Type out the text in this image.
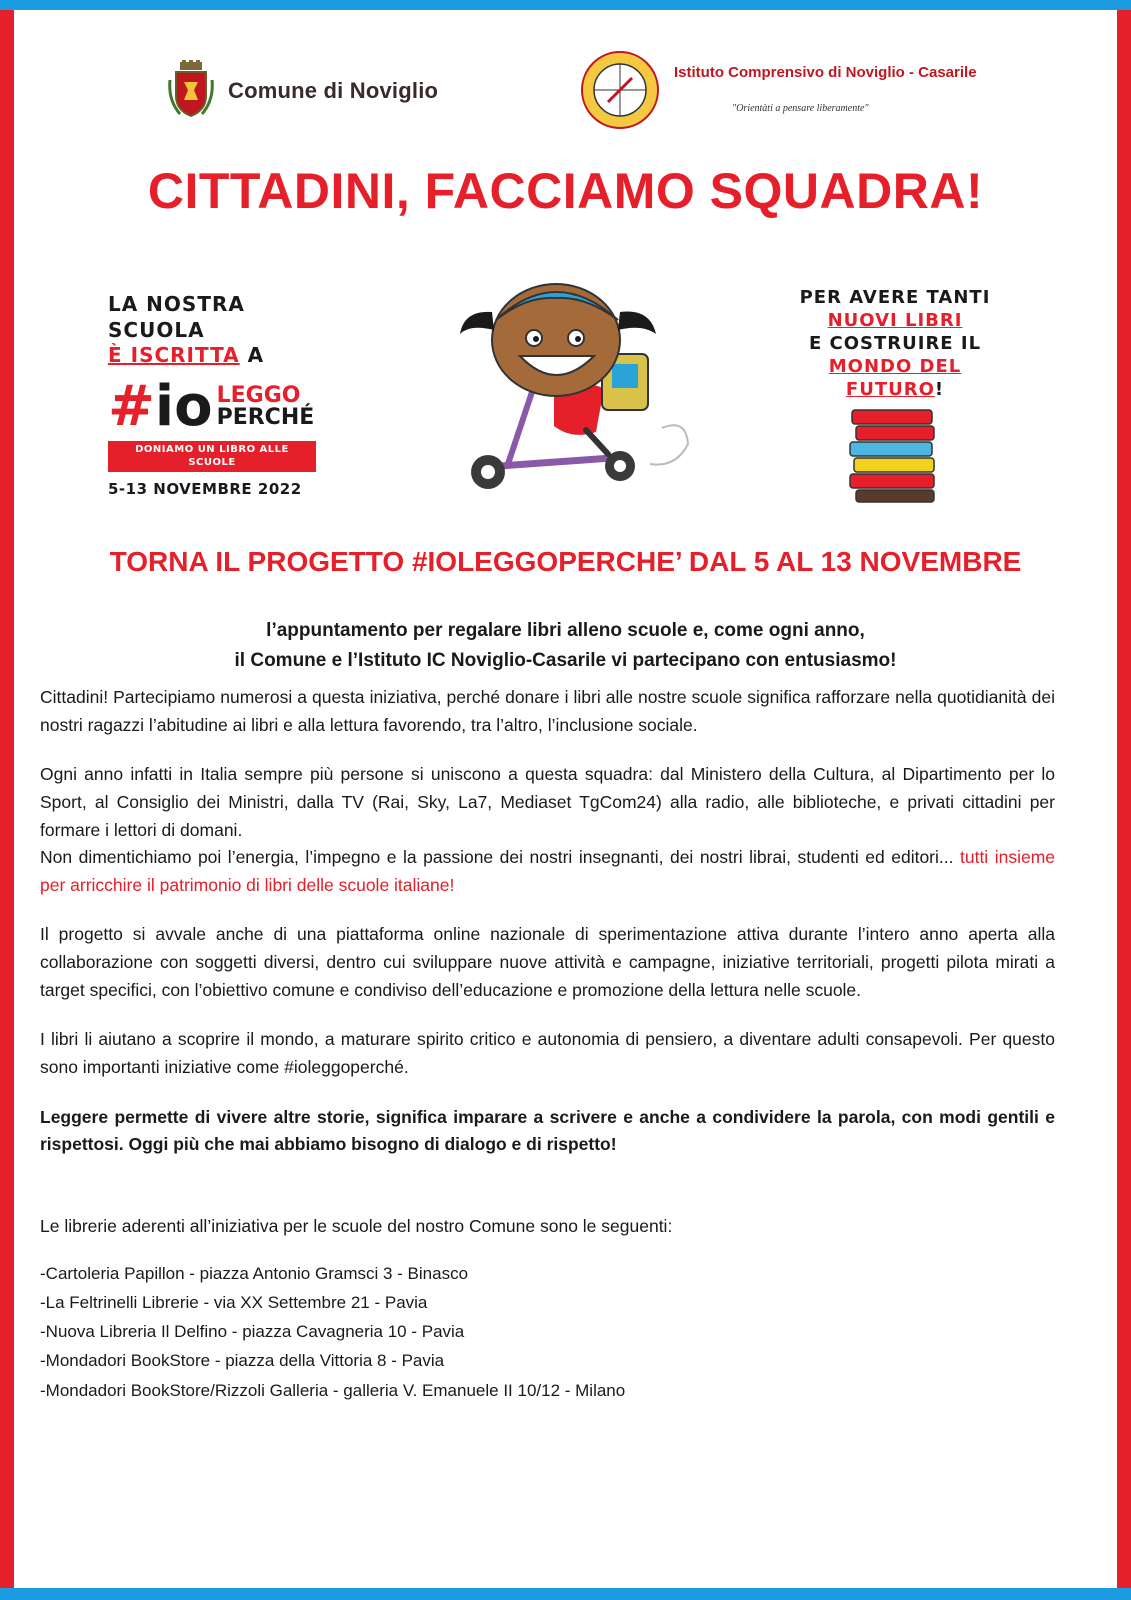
Comune di Noviglio
Istituto Comprensivo di Noviglio - Casarile
"Orientàti a pensare liberamente"
CITTADINI, FACCIAMO SQUADRA!
LA NOSTRA SCUOLA
È ISCRITTA A
# io LEGGO
PERCHÉ
DONIAMO UN LIBRO ALLE SCUOLE
5-13 NOVEMBRE 2022
PER AVERE TANTI
NUOVI LIBRI
E COSTRUIRE IL
MONDO DEL FUTURO!
TORNA IL PROGETTO #IOLEGGOPERCHE’ DAL 5 AL 13 NOVEMBRE
l’appuntamento per regalare libri alleno scuole e, come ogni anno,
il Comune e l’Istituto IC Noviglio-Casarile vi partecipano con entusiasmo!

Cittadini! Partecipiamo numerosi a questa iniziativa, perché donare i libri alle nostre scuole significa rafforzare nella quotidianità dei nostri ragazzi l’abitudine ai libri e alla lettura favorendo, tra l’altro, l’inclusione sociale.

Ogni anno infatti in Italia sempre più persone si uniscono a questa squadra: dal Ministero della Cultura, al Dipartimento per lo Sport, al Consiglio dei Ministri, dalla TV (Rai, Sky, La7, Mediaset TgCom24) alla radio, alle biblioteche, e privati cittadini per formare i lettori di domani.

Non dimentichiamo poi l’energia, l’impegno e la passione dei nostri insegnanti, dei nostri librai, studenti ed editori... tutti insieme per arricchire il patrimonio di libri delle scuole italiane!

Il progetto si avvale anche di una piattaforma online nazionale di sperimentazione attiva durante l’intero anno aperta alla collaborazione con soggetti diversi, dentro cui sviluppare nuove attività e campagne, iniziative territoriali, progetti pilota mirati a target specifici, con l’obiettivo comune e condiviso dell’educazione e promozione della lettura nelle scuole.

I libri li aiutano a scoprire il mondo, a maturare spirito critico e autonomia di pensiero, a diventare adulti consapevoli. Per questo sono importanti iniziative come #ioleggoperché.

Leggere permette di vivere altre storie, significa imparare a scrivere e anche a condividere la parola, con modi gentili e rispettosi. Oggi più che mai abbiamo bisogno di dialogo e di rispetto!

Le librerie aderenti all’iniziativa per le scuole del nostro Comune sono le seguenti:

-Cartoleria Papillon - piazza Antonio Gramsci 3 - Binasco
-La Feltrinelli Librerie - via XX Settembre 21 - Pavia
-Nuova Libreria Il Delfino - piazza Cavagneria 10 - Pavia
-Mondadori BookStore - piazza della Vittoria 8 - Pavia
-Mondadori BookStore/Rizzoli Galleria - galleria V. Emanuele II 10/12 - Milano
